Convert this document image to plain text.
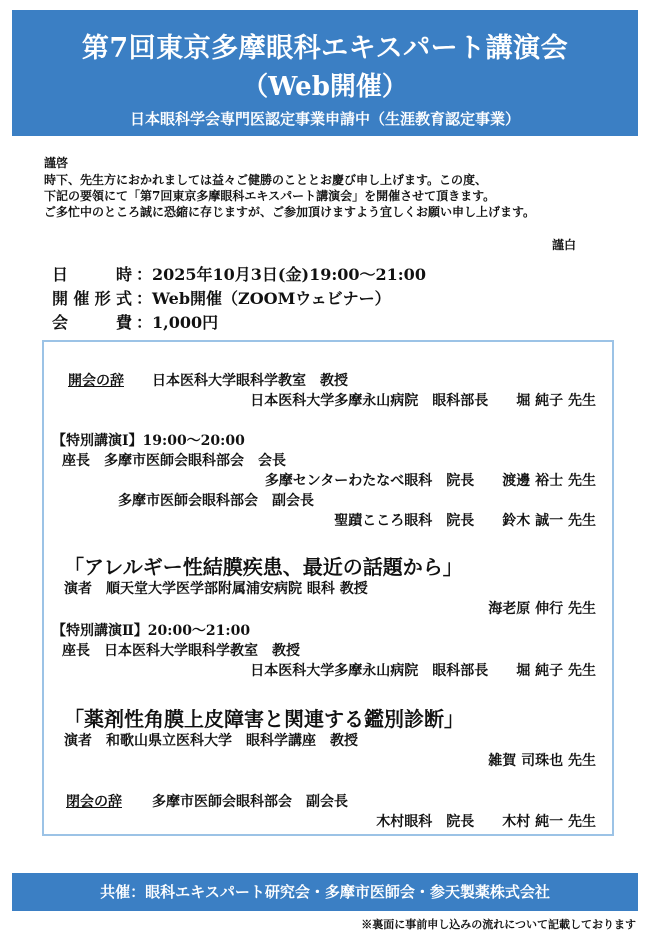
第7回東京多摩眼科エキスパート講演会
（Web開催）
日本眼科学会専門医認定事業申請中（生涯教育認定事業）
謹啓
時下、先生方におかれましては益々ご健勝のこととお慶び申し上げます。この度、
下記の要領にて「第7回東京多摩眼科エキスパート講演会」を開催させて頂きます。
ご多忙中のところ誠に恐縮に存じますが、ご参加頂けますよう宜しくお願い申し上げます。
謹白
日時 ：2025年10月3日(金)19:00～21:00
開催形式 ：Web開催（ZOOMウェビナー）
会費 ：1,000円
開会の辞 日本医科大学眼科学教室　教授
日本医科大学多摩永山病院　眼科部長　　堀 純子 先生
【特別講演Ⅰ】19:00～20:00
座長　多摩市医師会眼科部会　会長
多摩センターわたなべ眼科　院長　　渡邊 裕士 先生
多摩市医師会眼科部会　副会長
聖蹟こころ眼科　院長　　鈴木 誠一 先生
「アレルギー性結膜疾患、最近の話題から」
演者　順天堂大学医学部附属浦安病院 眼科 教授
海老原 伸行 先生
【特別講演Ⅱ】20:00～21:00
座長　日本医科大学眼科学教室　教授
日本医科大学多摩永山病院　眼科部長　　堀 純子 先生
「薬剤性角膜上皮障害と関連する鑑別診断」
演者　和歌山県立医科大学　眼科学講座　教授
雑賀 司珠也 先生
閉会の辞 多摩市医師会眼科部会　副会長
木村眼科　院長　　木村 純一 先生
共催：眼科エキスパート研究会・多摩市医師会・参天製薬株式会社
※裏面に事前申し込みの流れについて記載しております
